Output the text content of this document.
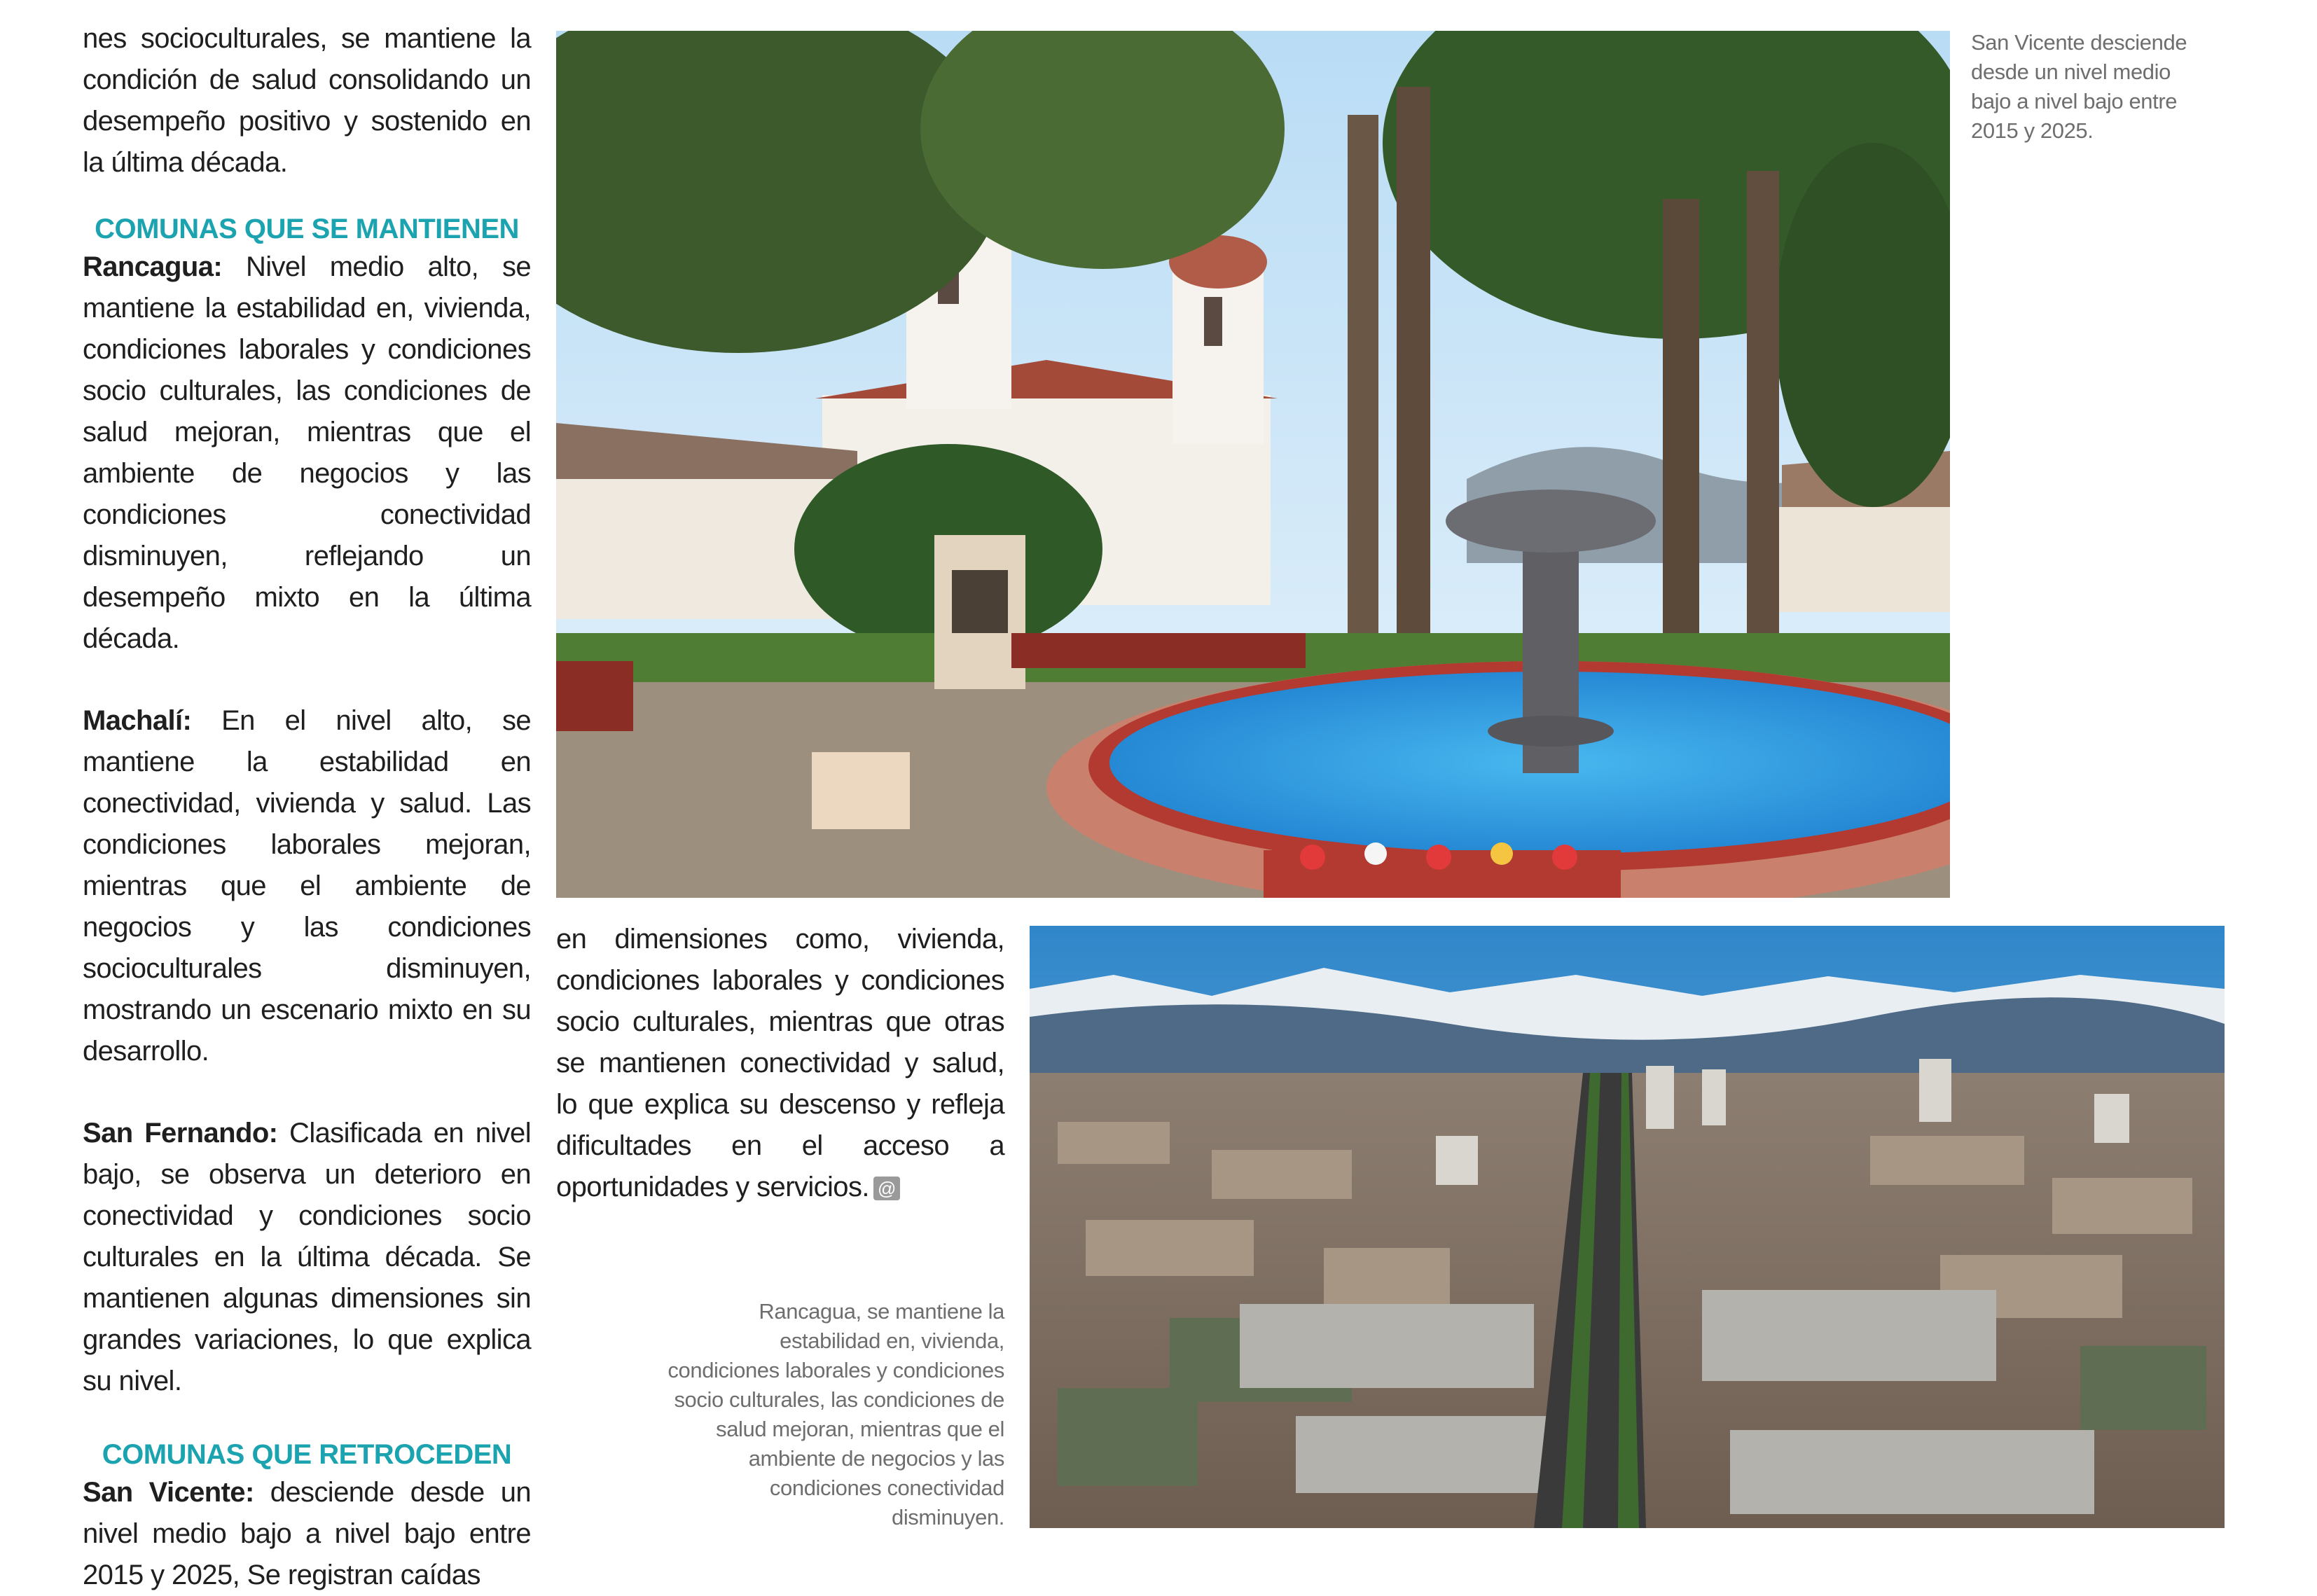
nes socioculturales, se mantiene la condición de salud consolidando un desempeño positivo y sostenido en la última década.

COMUNAS QUE SE MANTIENEN

Rancagua: Nivel medio alto, se mantiene la estabilidad en, vivienda, condiciones laborales y condiciones socio culturales, las condiciones de salud mejoran, mientras que el ambiente de negocios y las condiciones conectividad disminuyen, reflejando un desempeño mixto en la última década.

Machalí: En el nivel alto, se mantiene la estabilidad en conectividad, vivienda y salud. Las condiciones laborales mejoran, mientras que el ambiente de negocios y las condiciones socioculturales disminuyen, mostrando un escenario mixto en su desarrollo.

San Fernando: Clasificada en nivel bajo, se observa un deterioro en conectividad y condiciones socio culturales en la última década. Se mantienen algunas dimensiones sin grandes variaciones, lo que explica su nivel.

COMUNAS QUE RETROCEDEN

San Vicente: desciende desde un nivel medio bajo a nivel bajo entre 2015 y 2025, Se registran caídas

San Vicente desciende desde un nivel medio bajo a nivel bajo entre 2015 y 2025.

en dimensiones como, vivienda, condiciones laborales y condiciones socio culturales, mientras que otras se mantienen conectividad y salud, lo que explica su descenso y refleja dificultades en el acceso a oportunidades y servicios. @

Rancagua, se mantiene la estabilidad en, vivienda, condiciones laborales y condiciones socio culturales, las condiciones de salud mejoran, mientras que el ambiente de negocios y las condiciones conectividad disminuyen.
